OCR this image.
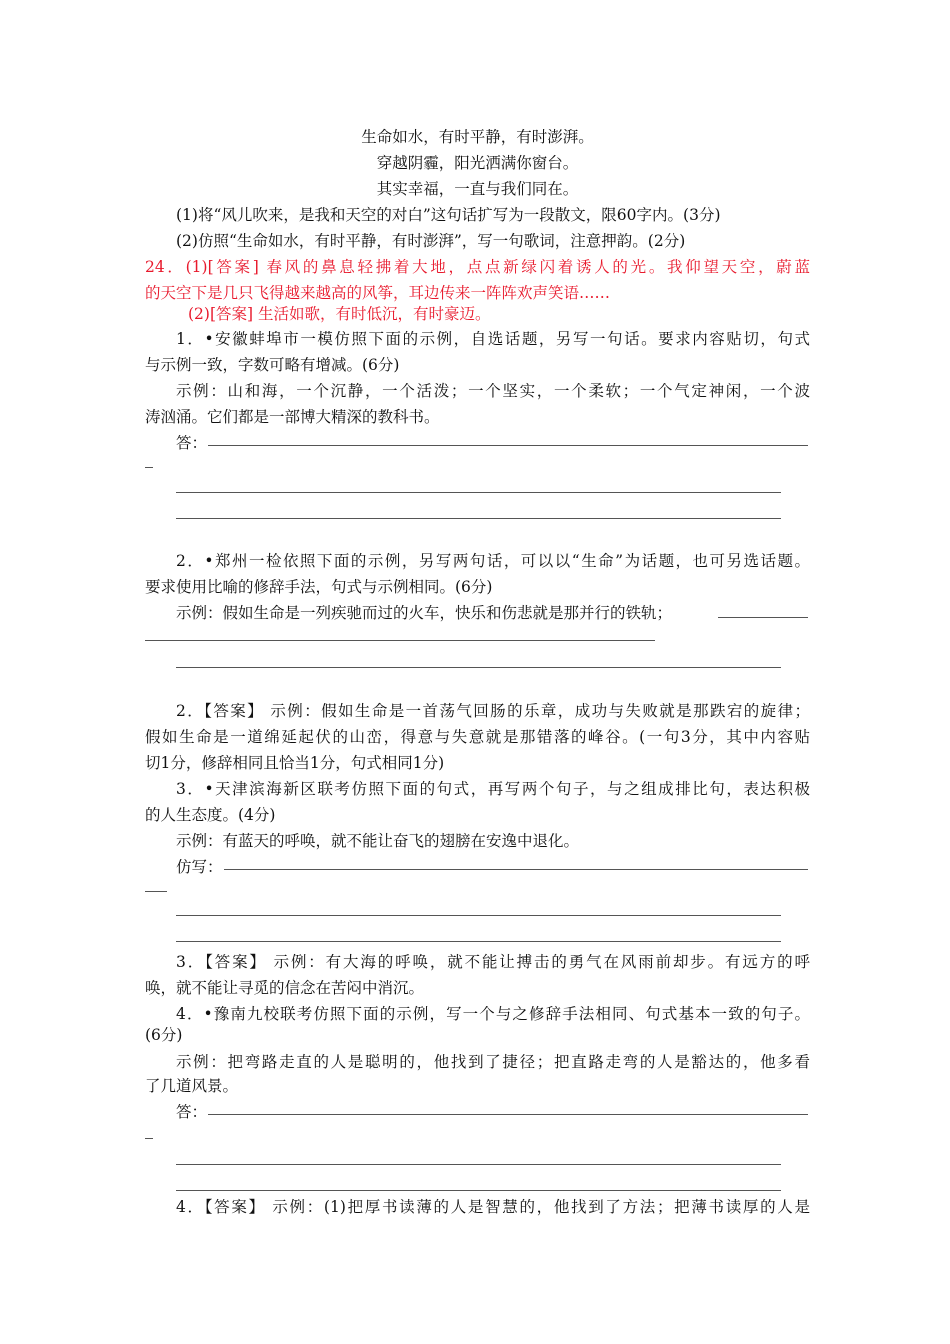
生命如水，有时平静，有时澎湃。
穿越阴霾，阳光洒满你窗台。
其实幸福，一直与我们同在。
(1)将“风儿吹来，是我和天空的对白”这句话扩写为一段散文，限60字内。(3分)
(2)仿照“生命如水，有时平静，有时澎湃”，写一句歌词，注意押韵。(2分)
24．(1)[答案] 春风的鼻息轻拂着大地，点点新绿闪着诱人的光。我仰望天空，蔚蓝
的天空下是几只飞得越来越高的风筝，耳边传来一阵阵欢声笑语……
(2)[答案] 生活如歌，有时低沉，有时豪迈。
1．•安徽蚌埠市一模仿照下面的示例，自选话题，另写一句话。要求内容贴切，句式
与示例一致，字数可略有增减。(6分)
示例：山和海，一个沉静，一个活泼；一个坚实，一个柔软；一个气定神闲，一个波
涛汹涌。它们都是一部博大精深的教科书。
答：
2．•郑州一检依照下面的示例，另写两句话，可以以“生命”为话题，也可另选话题。
要求使用比喻的修辞手法，句式与示例相同。(6分)
示例：假如生命是一列疾驰而过的火车，快乐和伤悲就是那并行的铁轨；
2．【答案】 示例：假如生命是一首荡气回肠的乐章，成功与失败就是那跌宕的旋律；
假如生命是一道绵延起伏的山峦，得意与失意就是那错落的峰谷。(一句3分，其中内容贴
切1分，修辞相同且恰当1分，句式相同1分)
3．•天津滨海新区联考仿照下面的句式，再写两个句子，与之组成排比句，表达积极
的人生态度。(4分)
示例：有蓝天的呼唤，就不能让奋飞的翅膀在安逸中退化。
仿写：
3．【答案】 示例：有大海的呼唤，就不能让搏击的勇气在风雨前却步。有远方的呼
唤，就不能让寻觅的信念在苦闷中消沉。
4．•豫南九校联考仿照下面的示例，写一个与之修辞手法相同、句式基本一致的句子。
(6分)
示例：把弯路走直的人是聪明的，他找到了捷径；把直路走弯的人是豁达的，他多看
了几道风景。
答：
4．【答案】 示例：(1)把厚书读薄的人是智慧的，他找到了方法；把薄书读厚的人是
